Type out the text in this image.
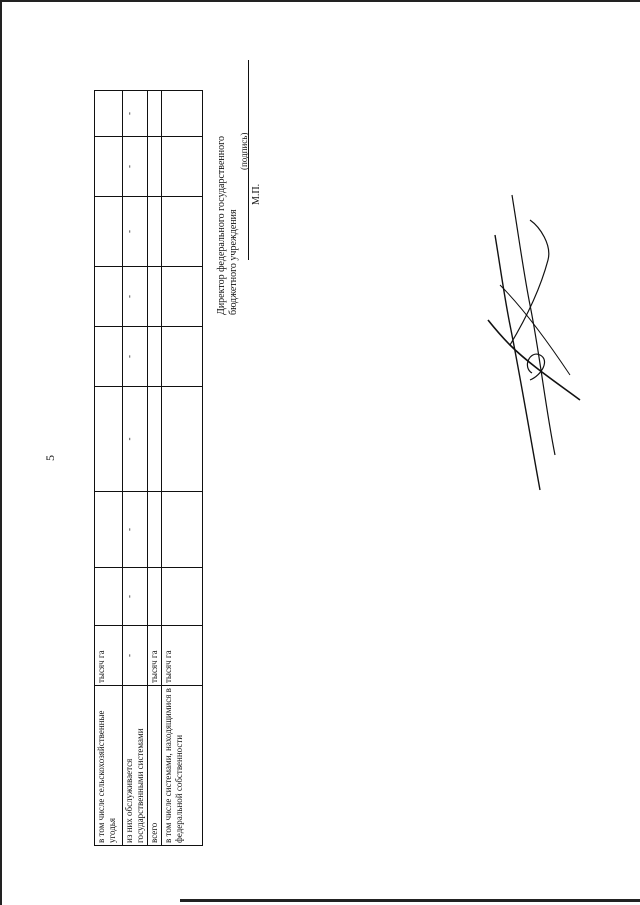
5
в том числе сельскохозяйственные угодья	тысяч га								
из них обслуживается государственными системами	-	-	-	-	-	-	-	-	-
всего	тысяч га								
в том числе системами, находящимися в федеральной собственности	тысяч га								
Директор федерального государственного бюджетного учреждения
(подпись)
М.П.
